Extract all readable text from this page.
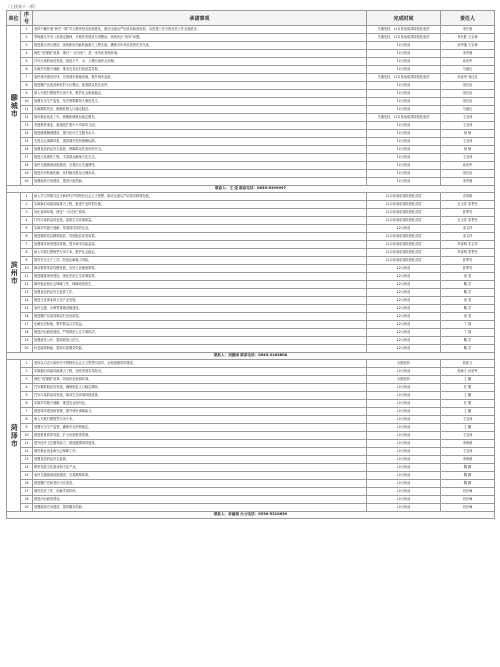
（上接第十一版）
单位	序号	承诺事项	完成时间	责任人
聊城市	1	坚持不懈开展“两学一做”学习教育常态化制度化，推动全面从严治党向纵深发展，以党建工作引领各项工作全面进步。	长期坚持，11月底前取得阶段性成效	李长胜
	2	贯彻落实中央八项规定精神，开展作风建设专项整治，持续纠正“四风”问题。	长期坚持，11月底前取得阶段性成效	李长胜 王宝林
	3	推进重点项目建设，加快新旧动能转换重大工程实施，确保全年项目投资任务完成。	12月底前	宋军继 王宝林
	4	深化“放管服”改革，推行“一次办好”，进一步优化营商环境。	12月底前	宋军继
	5	打好污染防治攻坚战，推进大气、水、土壤污染综合治理。	12月底前	孙爱军
	6	实施乡村振兴战略，推动农业农村高质量发展。	12月底前	马丽红
	7	加快城市建设步伐，完善城市基础设施，提升城市品质。	长期坚持，11月底前取得阶段性成效	孙爱军 刘汉忠
	8	推进棚户区改造和老旧小区整治，改善群众居住条件。	12月底前	刘汉忠
	9	深入开展扫黑除恶专项斗争，维护社会和谐稳定。	12月底前	刘汉忠
	10	加强安全生产监管，坚决遏制重特大事故发生。	12月底前	刘汉忠
	11	实施精准扶贫，确保贫困人口稳定脱贫。	12月底前	马丽红
	12	抓好就业创业工作，城镇新增就业稳定增长。	长期坚持，11月底前取得阶段性成效	王宝林
	13	发展教育事业，新建改扩建中小学和幼儿园。	12月底前	王宝林
	14	推进健康聊城建设，提升医疗卫生服务水平。	12月底前	徐 枫
	15	完善社会保障体系，提高城乡居民保障标准。	12月底前	王宝林
	16	加强食品药品安全监管，保障群众饮食用药安全。	12月底前	徐 枫
	17	推进文化惠民工程，丰富群众精神文化生活。	12月底前	王宝林
	18	加快交通基础设施建设，完善综合交通网络。	12月底前	孙爱军
	19	推进信访积案化解，及时解决群众合理诉求。	12月底前	刘汉忠
	20	加强政府自身建设，提高行政效能。	12月底前	宋军继
联系人：王 莹 联系电话：0635-8399997				
滨州市	1	深入学习贯彻习近平新时代中国特色社会主义思想，推动全面从严治党向纵深发展。	12月底前取得阶段性成效	佘春明
	2	实施新旧动能转换重大工程，推进产业转型升级。	12月底前取得阶段性成效	宋玉祥 张季亮
	3	优化营商环境，深化“一次办好”改革。	12月底前取得阶段性成效	张季亮
	4	打好污染防治攻坚战，改善生态环境质量。	12月底前取得阶段性成效	宋玉祥 张季亮
	5	实施乡村振兴战略，发展现代高效农业。	12月底前	宋玉祥
	6	推进精准扶贫精准脱贫，巩固脱贫攻坚成果。	12月底前取得阶段性成效	宋玉祥
	7	加强城市规划建设管理，提升城市功能品质。	12月底前取得阶段性成效	佘春明 宋玉祥
	8	深入开展扫黑除恶专项斗争，维护社会稳定。	12月底前取得阶段性成效	佘春明 张季亮
	9	抓好安全生产工作，防范化解重大风险。	12月底前取得阶段性成效	张季亮
	10	推动教育优质均衡发展，办好人民满意教育。	12月底前	张季亮
	11	推进健康滨州建设，深化医药卫生体制改革。	12月底前	刘 莹
	12	做好就业和社会保障工作，保障改善民生。	12月底前	魏 杰
	13	加强食品药品安全监管工作。	12月底前	魏 杰
	14	推进文化事业和文化产业发展。	12月底前	刘 莹
	15	加快交通、水利等基础设施建设。	12月底前	魏 杰
	16	推进棚户区改造和农村危房改造。	12月底前	刘 莹
	17	化解信访积案，维护群众合法权益。	12月底前	丁 静
	18	推进法治政府建设，严格规范公正文明执法。	12月底前	丁 静
	19	加强政务公开，提高政府公信力。	12月底前	魏 杰
	20	转变政府职能，提高行政服务效能。	12月底前	魏 杰
联系人：刘振国 联系电话：0543-3163808				
菏泽市	1	坚持以习近平新时代中国特色社会主义思想为指导，全面加强党的建设。	长期坚持	张新文
	2	实施新旧动能转换重大工程，加快发展实体经济。	12月底前	张新文 孙爱军
	3	深化“放管服”改革，持续优化营商环境。	长期坚持	王 鹏
	4	打好精准脱贫攻坚战，确保脱贫人口稳定增收。	12月底前	任 刚
	5	打好污染防治攻坚战，推动生态环境持续改善。	12月底前	王 鹏
	6	实施乡村振兴战略，推进农业现代化。	12月底前	任 刚
	7	推进城市建设和管理，提升城市承载能力。	12月底前	王 鹏
	8	深入开展扫黑除恶专项斗争。	12月底前	王宝林
	9	加强安全生产监管，确保安全形势稳定。	12月底前	王 鹏
	10	推进教育改革发展，扩大优质教育资源。	12月底前	王宝林
	11	提升医疗卫生服务能力，推进健康菏泽建设。	12月底前	李海燕
	12	做好就业创业和社会保障工作。	12月底前	王宝林
	13	加强食品药品安全监管。	12月底前	李海燕
	14	繁荣发展文化事业和文化产业。	12月底前	魏 鹏
	15	加快交通基础设施建设，完善路网体系。	12月底前	魏 鹏
	16	推进棚户区和老旧小区改造。	12月底前	魏 鹏
	17	做好信访工作，化解矛盾纠纷。	12月底前	闫东峰
	18	推进法治政府建设。	12月底前	闫东峰
	19	加强政府自身建设，提高服务效能。	12月底前	闫东峰
联系人：李丽娟 办公电话：0530-5310659				
